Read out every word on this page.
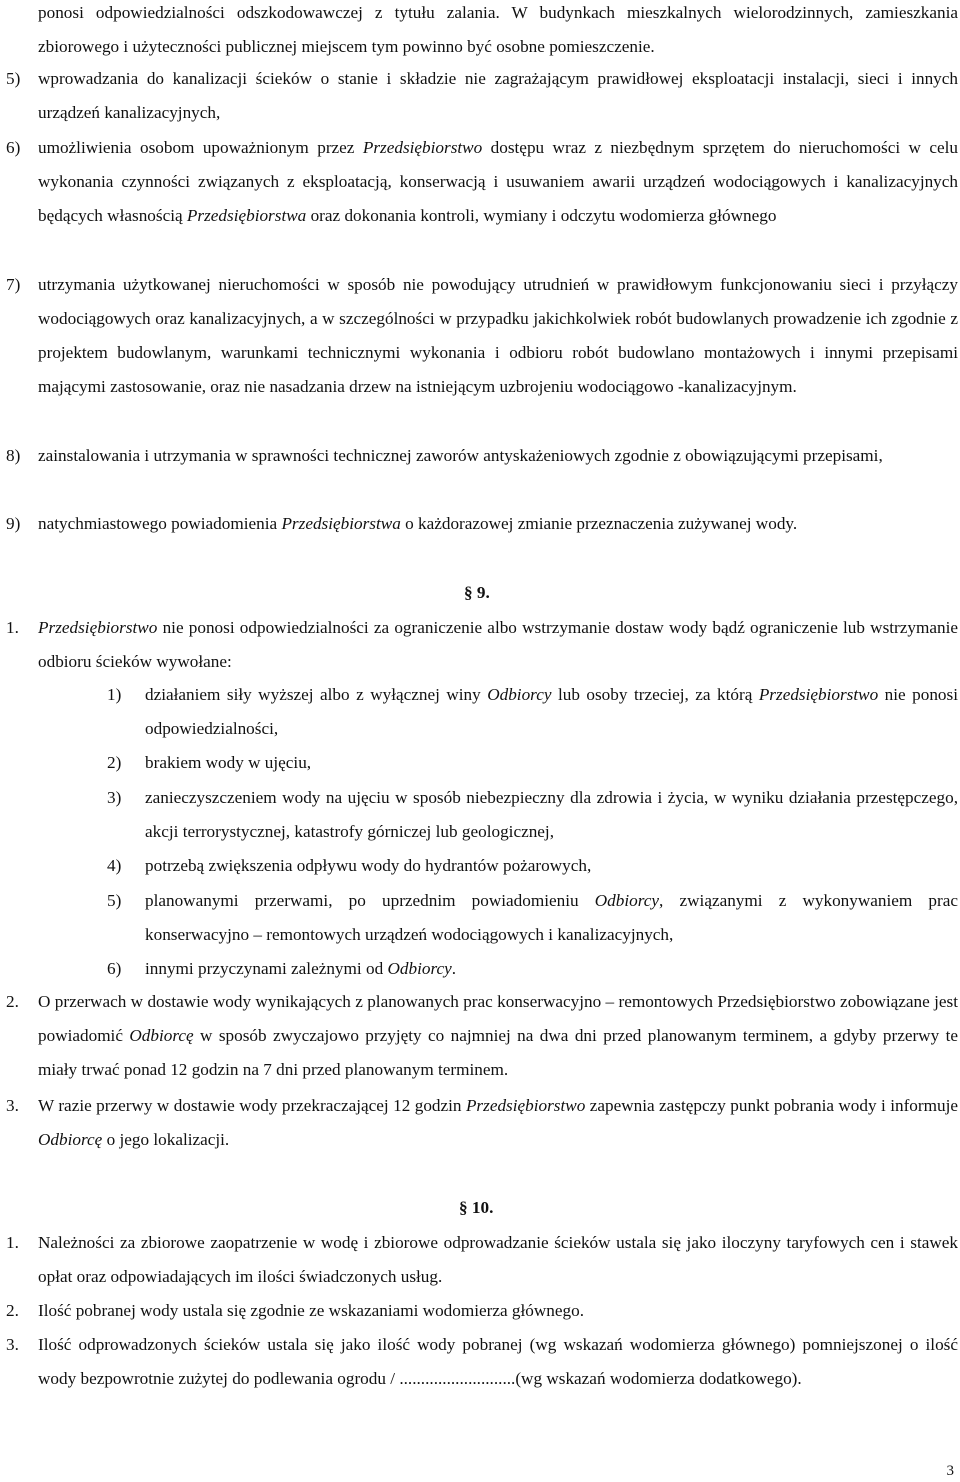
ponosi odpowiedzialności odszkodowawczej z tytułu zalania. W budynkach mieszkalnych wielorodzinnych, zamieszkania zbiorowego i użyteczności publicznej miejscem tym powinno być osobne pomieszczenie.
5) wprowadzania do kanalizacji ścieków o stanie i składzie nie zagrażającym prawidłowej eksploatacji instalacji, sieci i innych urządzeń kanalizacyjnych,
6) umożliwienia osobom upoważnionym przez Przedsiębiorstwo dostępu wraz z niezbędnym sprzętem do nieruchomości w celu wykonania czynności związanych z eksploatacją, konserwacją i usuwaniem awarii urządzeń wodociągowych i kanalizacyjnych będących własnością Przedsiębiorstwa oraz dokonania kontroli, wymiany i odczytu wodomierza głównego
7) utrzymania użytkowanej nieruchomości w sposób nie powodujący utrudnień w prawidłowym funkcjonowaniu sieci i przyłączy wodociągowych oraz kanalizacyjnych, a w szczególności w przypadku jakichkolwiek robót budowlanych prowadzenie ich zgodnie z projektem budowlanym, warunkami technicznymi wykonania i odbioru robót budowlano montażowych i innymi przepisami mającymi zastosowanie, oraz nie nasadzania drzew na istniejącym uzbrojeniu wodociągowo -kanalizacyjnym.
8) zainstalowania i utrzymania w sprawności technicznej zaworów antyskażeniowych zgodnie z obowiązującymi przepisami,
9) natychmiastowego powiadomienia Przedsiębiorstwa o każdorazowej zmianie przeznaczenia zużywanej wody.
§ 9.
1. Przedsiębiorstwo nie ponosi odpowiedzialności za ograniczenie albo wstrzymanie dostaw wody bądź ograniczenie lub wstrzymanie odbioru ścieków wywołane:
1) działaniem siły wyższej albo z wyłącznej winy Odbiorcy lub osoby trzeciej, za którą Przedsiębiorstwo nie ponosi odpowiedzialności,
2) brakiem wody w ujęciu,
3) zanieczyszczeniem wody na ujęciu w sposób niebezpieczny dla zdrowia i życia, w wyniku działania przestępczego, akcji terrorystycznej, katastrofy górniczej lub geologicznej,
4) potrzebą zwiększenia odpływu wody do hydrantów pożarowych,
5) planowanymi przerwami, po uprzednim powiadomieniu Odbiorcy, związanymi z wykonywaniem prac konserwacyjno – remontowych urządzeń wodociągowych i kanalizacyjnych,
6) innymi przyczynami zależnymi od Odbiorcy.
2. O przerwach w dostawie wody wynikających z planowanych prac konserwacyjno – remontowych Przedsiębiorstwo zobowiązane jest powiadomić Odbiorcę w sposób zwyczajowo przyjęty co najmniej na dwa dni przed planowanym terminem, a gdyby przerwy te miały trwać ponad 12 godzin na 7 dni przed planowanym terminem.
3. W razie przerwy w dostawie wody przekraczającej 12 godzin Przedsiębiorstwo zapewnia zastępczy punkt pobrania wody i informuje Odbiorcę o jego lokalizacji.
§ 10.
1. Należności za zbiorowe zaopatrzenie w wodę i zbiorowe odprowadzanie ścieków ustala się jako iloczyny taryfowych cen i stawek opłat oraz odpowiadających im ilości świadczonych usług.
2. Ilość pobranej wody ustala się zgodnie ze wskazaniami wodomierza głównego.
3. Ilość odprowadzonych ścieków ustala się jako ilość wody pobranej (wg wskazań wodomierza głównego) pomniejszonej o ilość wody bezpowrotnie zużytej do podlewania ogrodu / ...........................(wg wskazań wodomierza dodatkowego).
3
